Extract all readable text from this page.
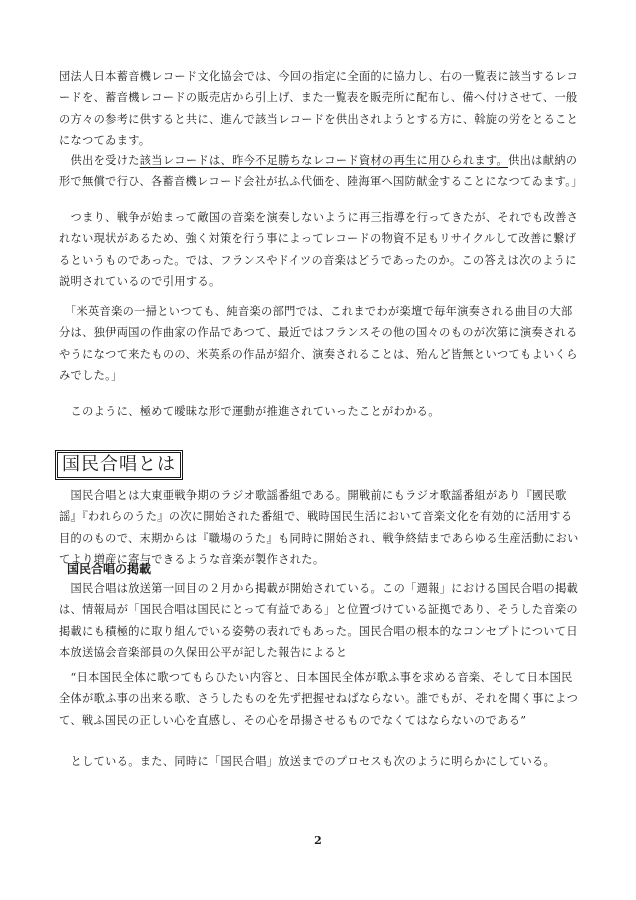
団法人日本蓄音機レコード文化協会では、今回の指定に全面的に協力し、右の一覧表に該当するレコードを、蓄音機レコードの販売店から引上げ、また一覧表を販売所に配布し、備へ付けさせて、一般の方々の参考に供すると共に、進んで該当レコードを供出されようとする方に、斡旋の労をとることになつてゐます。

　供出を受けた該当レコードは、昨今不足勝ちなレコード資材の再生に用ひられます。供出は献納の形で無償で行ひ、各蓄音機レコード会社が払ふ代価を、陸海軍へ国防献金することになつてゐます。」

　つまり、戦争が始まって敵国の音楽を演奏しないように再三指導を行ってきたが、それでも改善されない現状があるため、強く対策を行う事によってレコードの物資不足もリサイクルして改善に繋げるというものであった。では、フランスやドイツの音楽はどうであったのか。この答えは次のように説明されているので引用する。

　「米英音楽の一掃といつても、純音楽の部門では、これまでわが楽壇で毎年演奏される曲目の大部分は、独伊両国の作曲家の作品であつて、最近ではフランスその他の国々のものが次第に演奏されるやうになつて来たものの、米英系の作品が紹介、演奏されることは、殆んど皆無といつてもよいくらみでした。」

　このように、極めて曖昧な形で運動が推進されていったことがわかる。

国民合唱とは

　国民合唱とは大東亜戦争期のラジオ歌謡番組である。開戦前にもラジオ歌謡番組があり『國民歌謡』『われらのうた』の次に開始された番組で、戦時国民生活において音楽文化を有効的に活用する目的のもので、末期からは『職場のうた』も同時に開始され、戦争終結まであらゆる生産活動においてより増産に寄与できるような音楽が製作された。

国民合唱の掲載

　国民合唱は放送第一回目の２月から掲載が開始されている。この「週報」における国民合唱の掲載は、情報局が「国民合唱は国民にとって有益である」と位置づけている証拠であり、そうした音楽の掲載にも積極的に取り組んでいる姿勢の表れでもあった。国民合唱の根本的なコンセプトについて日本放送協会音楽部員の久保田公平が記した報告によると

　“日本国民全体に歌つてもらひたい内容と、日本国民全体が歌ふ事を求める音楽、そして日本国民全体が歌ふ事の出来る歌、さうしたものを先ず把握せねばならない。誰でもが、それを聞く事によつて、戦ふ国民の正しい心を直感し、その心を昂揚させるものでなくてはならないのである”

　としている。また、同時に「国民合唱」放送までのプロセスも次のように明らかにしている。

2
